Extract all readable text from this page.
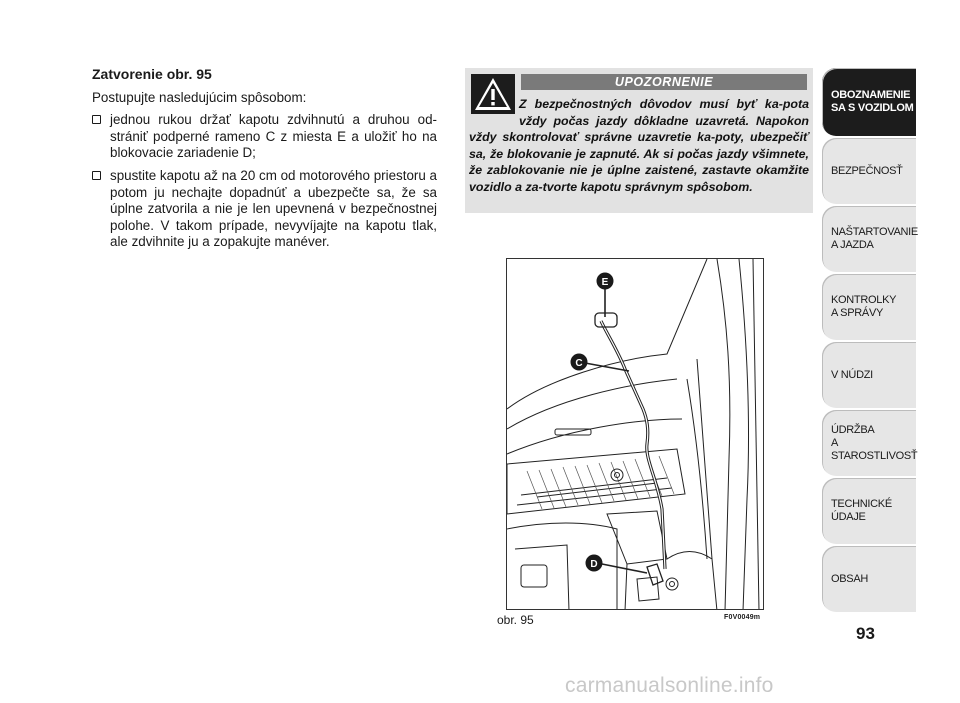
Zatvorenie obr. 95

Postupujte nasledujúcim spôsobom:

jednou rukou držať kapotu zdvihnutú a druhou od-strániť podperné rameno C z miesta E a uložiť ho na blokovacie zariadenie D;
spustite kapotu až na 20 cm od motorového priestoru a potom ju nechajte dopadnúť a ubezpečte sa, že sa úplne zatvorila a nie je len upevnená v bezpečnostnej polohe. V takom prípade, nevyvíjajte na kapotu tlak, ale zdvihnite ju a zopakujte manéver.
UPOZORNENIE
Z bezpečnostných dôvodov musí byť ka-pota vždy počas jazdy dôkladne uzavretá. Napokon vždy skontrolovať správne uzavretie ka-poty, ubezpečiť sa, že blokovanie je zapnuté. Ak si počas jazdy všimnete, že zablokovanie nie je úplne zaistené, zastavte okamžite vozidlo a za-tvorte kapotu správnym spôsobom.
E
C
D
obr. 95	F0V0049m
OBOZNAMENIE
SA S VOZIDLOM
BEZPEČNOSŤ
NAŠTARTOVANIE
A JAZDA
KONTROLKY
A SPRÁVY
V NÚDZI
ÚDRŽBA
A STAROSTLIVOSŤ
TECHNICKÉ
ÚDAJE
OBSAH
93
carmanualsonline.info
